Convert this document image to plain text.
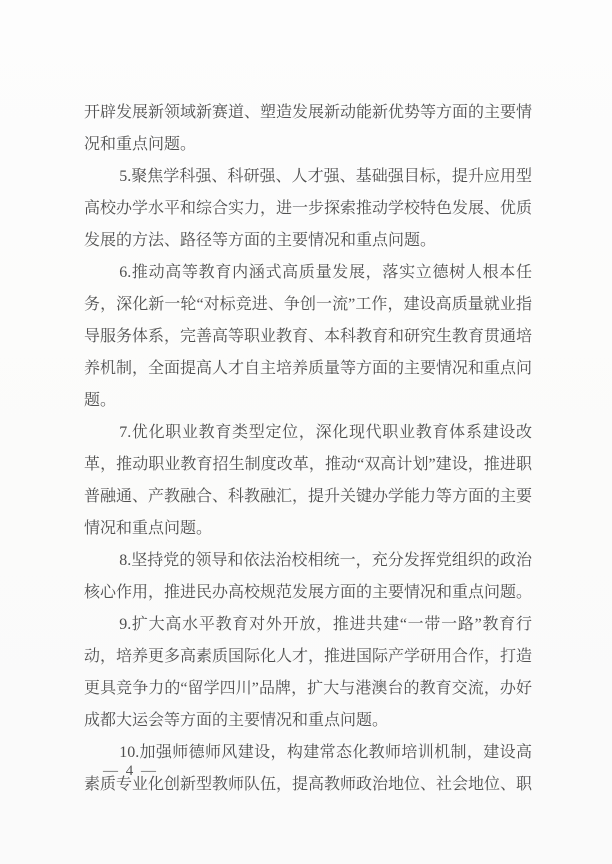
开辟发展新领域新赛道、塑造发展新动能新优势等方面的主要情况和重点问题。

5.聚焦学科强、科研强、人才强、基础强目标，提升应用型高校办学水平和综合实力，进一步探索推动学校特色发展、优质发展的方法、路径等方面的主要情况和重点问题。

6.推动高等教育内涵式高质量发展，落实立德树人根本任务，深化新一轮“对标竞进、争创一流”工作，建设高质量就业指导服务体系，完善高等职业教育、本科教育和研究生教育贯通培养机制，全面提高人才自主培养质量等方面的主要情况和重点问题。

7.优化职业教育类型定位，深化现代职业教育体系建设改革，推动职业教育招生制度改革，推动“双高计划”建设，推进职普融通、产教融合、科教融汇，提升关键办学能力等方面的主要情况和重点问题。

8.坚持党的领导和依法治校相统一，充分发挥党组织的政治核心作用，推进民办高校规范发展方面的主要情况和重点问题。

9.扩大高水平教育对外开放，推进共建“一带一路”教育行动，培养更多高素质国际化人才，推进国际产学研用合作，打造更具竞争力的“留学四川”品牌，扩大与港澳台的教育交流，办好成都大运会等方面的主要情况和重点问题。

10.加强师德师风建设，构建常态化教师培训机制，建设高素质专业化创新型教师队伍，提高教师政治地位、社会地位、职

— 4 —
